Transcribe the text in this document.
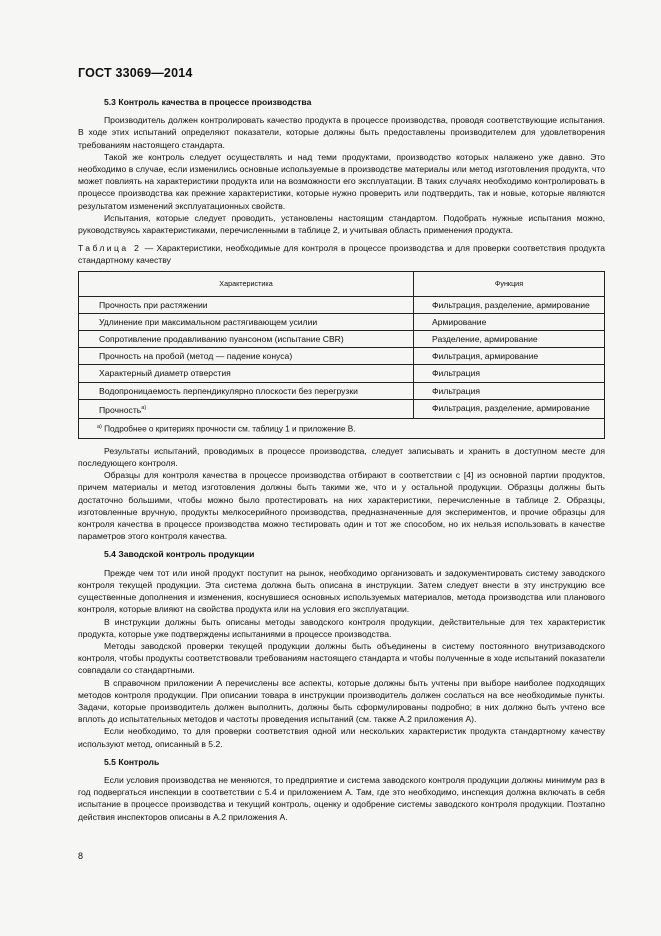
ГОСТ 33069—2014
5.3 Контроль качества в процессе производства

Производитель должен контролировать качество продукта в процессе производства, проводя соответствующие испытания. В ходе этих испытаний определяют показатели, которые должны быть предоставлены производителем для удовлетворения требованиям настоящего стандарта.

Такой же контроль следует осуществлять и над теми продуктами, производство которых налажено уже давно. Это необходимо в случае, если изменились основные используемые в производстве материалы или метод изготовления продукта, что может повлиять на характеристики продукта или на возможности его эксплуатации. В таких случаях необходимо контролировать в процессе производства как прежние характеристики, которые нужно проверить или подтвердить, так и новые, которые являются результатом изменений эксплуатационных свойств.

Испытания, которые следует проводить, установлены настоящим стандартом. Подобрать нужные испытания можно, руководствуясь характеристиками, перечисленными в таблице 2, и учитывая область применения продукта.

Таблица 2 — Характеристики, необходимые для контроля в процессе производства и для проверки соответствия продукта стандартному качеству
Характеристика	Функция
Прочность при растяжении	Фильтрация, разделение, армирование
Удлинение при максимальном растягивающем усилии	Армирование
Сопротивление продавливанию пуансоном (испытание CBR)	Разделение, армирование
Прочность на пробой (метод — падение конуса)	Фильтрация, армирование
Характерный диаметр отверстия	Фильтрация
Водопроницаемость перпендикулярно плоскости без перегрузки	Фильтрация
Прочность$^{а)}$	Фильтрация, разделение, армирование
$^{а)}$ Подробнее о критериях прочности см. таблицу 1 и приложение В.	

Результаты испытаний, проводимых в процессе производства, следует записывать и хранить в доступном месте для последующего контроля.

Образцы для контроля качества в процессе производства отбирают в соответствии с [4] из основной партии продуктов, причем материалы и метод изготовления должны быть такими же, что и у остальной продукции. Образцы должны быть достаточно большими, чтобы можно было протестировать на них характеристики, перечисленные в таблице 2. Образцы, изготовленные вручную, продукты мелкосерийного производства, предназначенные для экспериментов, и прочие образцы для контроля качества в процессе производства можно тестировать один и тот же способом, но их нельзя использовать в качестве параметров этого контроля качества.

5.4 Заводской контроль продукции

Прежде чем тот или иной продукт поступит на рынок, необходимо организовать и задокументировать систему заводского контроля текущей продукции. Эта система должна быть описана в инструкции. Затем следует внести в эту инструкцию все существенные дополнения и изменения, коснувшиеся основных используемых материалов, метода производства или планового контроля, которые влияют на свойства продукта или на условия его эксплуатации.

В инструкции должны быть описаны методы заводского контроля продукции, действительные для тех характеристик продукта, которые уже подтверждены испытаниями в процессе производства.

Методы заводской проверки текущей продукции должны быть объединены в систему постоянного внутризаводского контроля, чтобы продукты соответствовали требованиям настоящего стандарта и чтобы полученные в ходе испытаний показатели совпадали со стандартными.

В справочном приложении А перечислены все аспекты, которые должны быть учтены при выборе наиболее подходящих методов контроля продукции. При описании товара в инструкции производитель должен сослаться на все необходимые пункты. Задачи, которые производитель должен выполнить, должны быть сформулированы подробно; в них должно быть учтено все вплоть до испытательных методов и частоты проведения испытаний (см. также А.2 приложения А).

Если необходимо, то для проверки соответствия одной или нескольких характеристик продукта стандартному качеству используют метод, описанный в 5.2.

5.5 Контроль

Если условия производства не меняются, то предприятие и система заводского контроля продукции должны минимум раз в год подвергаться инспекции в соответствии с 5.4 и приложением А. Там, где это необходимо, инспекция должна включать в себя испытание в процессе производства и текущий контроль, оценку и одобрение системы заводского контроля продукции. Поэтапно действия инспекторов описаны в А.2 приложения А.

8
